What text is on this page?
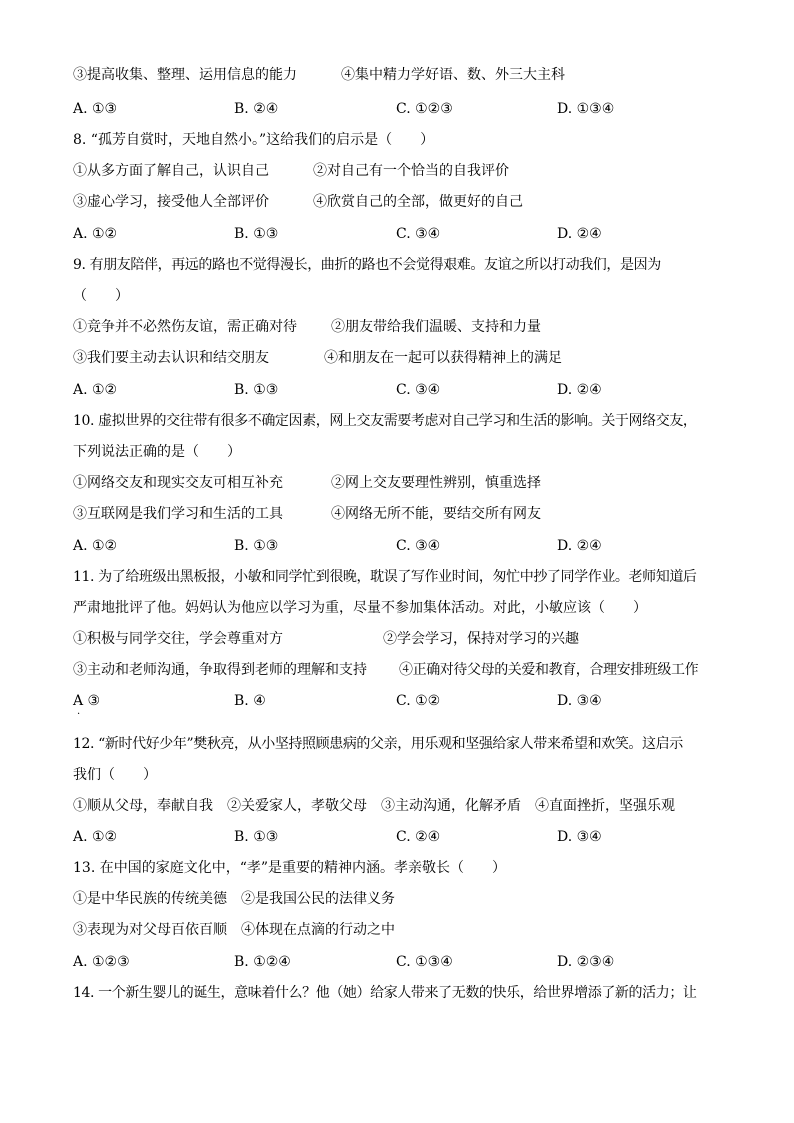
③提高收集、整理、运用信息的能力	④集中精力学好语、数、外三大主科
A. ①③	B. ②④	C. ①②③	D. ①③④
8. “孤芳自赏时，天地自然小。”这给我们的启示是（　　）
①从多方面了解自己，认识自己	②对自己有一个恰当的自我评价
③虚心学习，接受他人全部评价	④欣赏自己的全部，做更好的自己
A. ①②	B. ①③	C. ③④	D. ②④
9. 有朋友陪伴，再远的路也不觉得漫长，曲折的路也不会觉得艰难。友谊之所以打动我们，是因为
（　　）
①竞争并不必然伤友谊，需正确对待 ②朋友带给我们温暖、支持和力量
③我们要主动去认识和结交朋友	④和朋友在一起可以获得精神上的满足
A. ①②	B. ①③	C. ③④	D. ②④
10. 虚拟世界的交往带有很多不确定因素，网上交友需要考虑对自己学习和生活的影响。关于网络交友，
下列说法正确的是（　　）
①网络交友和现实交友可相互补充	②网上交友要理性辨别，慎重选择
③互联网是我们学习和生活的工具	④网络无所不能，要结交所有网友
A. ①②	B. ①③	C. ③④	D. ②④
11. 为了给班级出黑板报，小敏和同学忙到很晚，耽误了写作业时间，匆忙中抄了同学作业。老师知道后
严肃地批评了他。妈妈认为他应以学习为重，尽量不参加集体活动。对此，小敏应该（　　）
①积极与同学交往，学会尊重对方	②学会学习，保持对学习的兴趣
③主动和老师沟通，争取得到老师的理解和支持 ④正确对待父母的关爱和教育，合理安排班级工作
A ③	B. ④	C. ①②	D. ③④
.
12. “新时代好少年”樊秋亮，从小坚持照顾患病的父亲，用乐观和坚强给家人带来希望和欢笑。这启示
我们（　　）
①顺从父母，奉献自我　②关爱家人，孝敬父母　③主动沟通，化解矛盾　④直面挫折，坚强乐观
A. ①②	B. ①③	C. ②④	D. ③④
13. 在中国的家庭文化中，“孝”是重要的精神内涵。孝亲敬长（　　）
①是中华民族的传统美德　②是我国公民的法律义务
③表现为对父母百依百顺　④体现在点滴的行动之中
A. ①②③	B. ①②④	C. ①③④	D. ②③④
14. 一个新生婴儿的诞生，意味着什么？他（她）给家人带来了无数的快乐，给世界增添了新的活力；让
